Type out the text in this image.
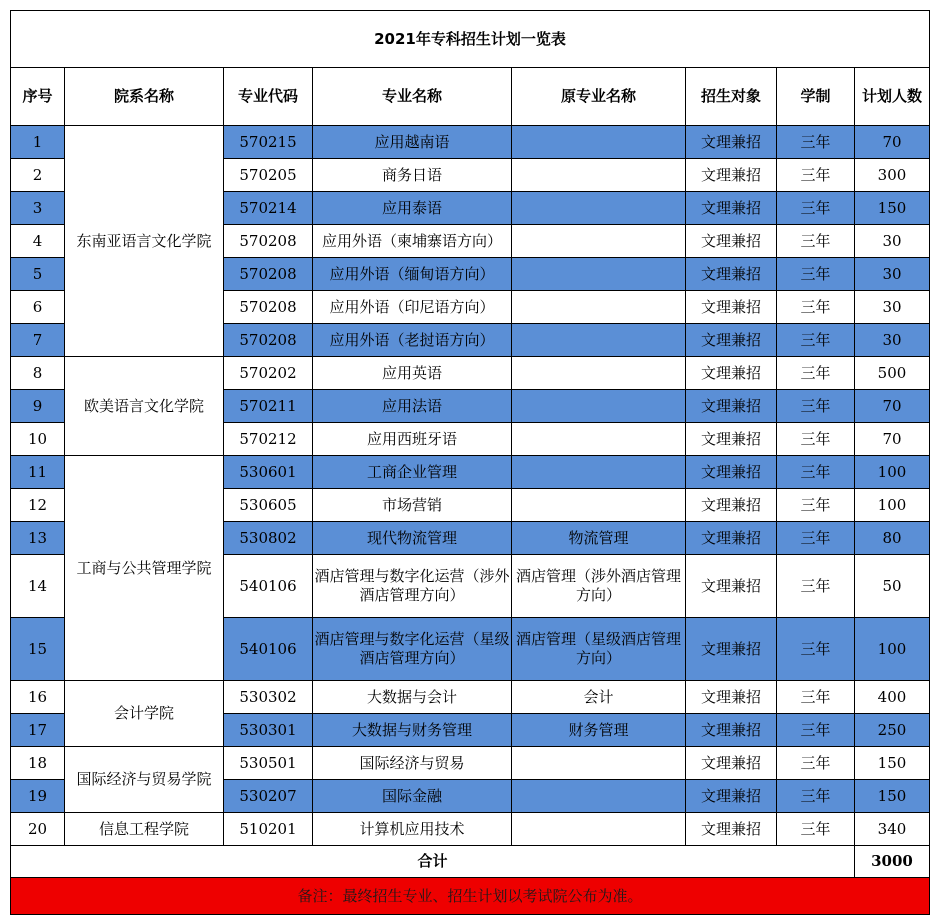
2021年专科招生计划一览表							
序号	院系名称	专业代码	专业名称	原专业名称	招生对象	学制	计划人数
1	东南亚语言文化学院	570215	应用越南语		文理兼招	三年	70
2		570205	商务日语		文理兼招	三年	300
3		570214	应用泰语		文理兼招	三年	150
4		570208	应用外语（柬埔寨语方向）		文理兼招	三年	30
5		570208	应用外语（缅甸语方向）		文理兼招	三年	30
6		570208	应用外语（印尼语方向）		文理兼招	三年	30
7		570208	应用外语（老挝语方向）		文理兼招	三年	30
8	欧美语言文化学院	570202	应用英语		文理兼招	三年	500
9		570211	应用法语		文理兼招	三年	70
10		570212	应用西班牙语		文理兼招	三年	70
11	工商与公共管理学院	530601	工商企业管理		文理兼招	三年	100
12		530605	市场营销		文理兼招	三年	100
13		530802	现代物流管理	物流管理	文理兼招	三年	80
14		540106	酒店管理与数字化运营（涉外酒店管理方向）	酒店管理（涉外酒店管理方向）	文理兼招	三年	50
15		540106	酒店管理与数字化运营（星级酒店管理方向）	酒店管理（星级酒店管理方向）	文理兼招	三年	100
16	会计学院	530302	大数据与会计	会计	文理兼招	三年	400
17		530301	大数据与财务管理	财务管理	文理兼招	三年	250
18	国际经济与贸易学院	530501	国际经济与贸易		文理兼招	三年	150
19		530207	国际金融		文理兼招	三年	150
20	信息工程学院	510201	计算机应用技术		文理兼招	三年	340
合计							3000
备注：最终招生专业、招生计划以考试院公布为准。							
